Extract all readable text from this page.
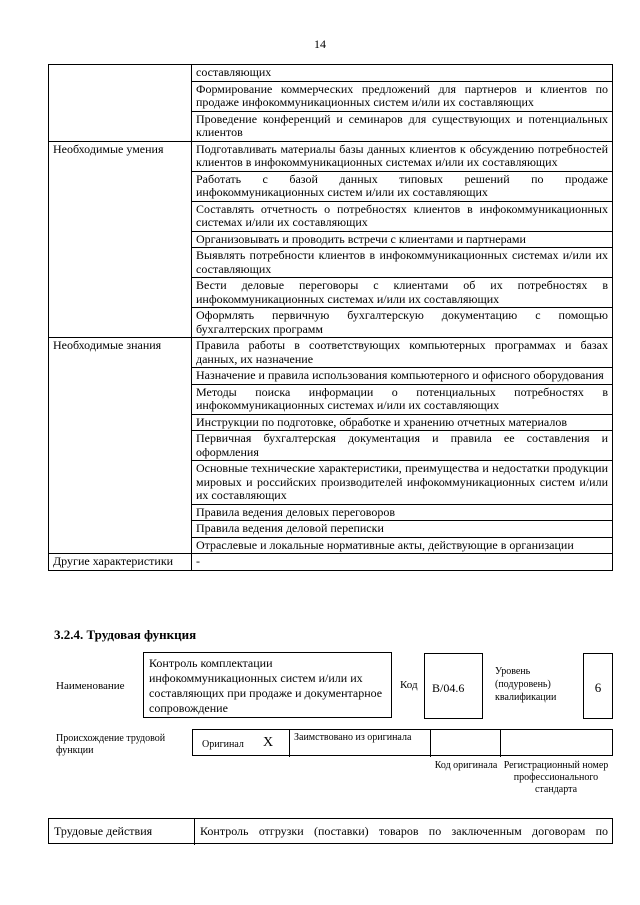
14
	составляющих
	Формирование коммерческих предложений для партнеров и клиентов по продаже инфокоммуникационных систем и/или их составляющих
	Проведение конференций и семинаров для существующих и потенциальных клиентов
Необходимые умения	Подготавливать материалы базы данных клиентов к обсуждению потребностей клиентов в инфокоммуникационных системах и/или их составляющих
	Работать с базой данных типовых решений по продаже инфокоммуникационных систем и/или их составляющих
	Составлять отчетность о потребностях клиентов в инфокоммуникационных системах и/или их составляющих
	Организовывать и проводить встречи с клиентами и партнерами
	Выявлять потребности клиентов в инфокоммуникационных системах и/или их составляющих
	Вести деловые переговоры с клиентами об их потребностях в инфокоммуникационных системах и/или их составляющих
	Оформлять первичную бухгалтерскую документацию с помощью бухгалтерских программ
Необходимые знания	Правила работы в соответствующих компьютерных программах и базах данных, их назначение
	Назначение и правила использования компьютерного и офисного оборудования
	Методы поиска информации о потенциальных потребностях в инфокоммуникационных системах и/или их составляющих
	Инструкции по подготовке, обработке и хранению отчетных материалов
	Первичная бухгалтерская документация и правила ее составления и оформления
	Основные технические характеристики, преимущества и недостатки продукции мировых и российских производителей инфокоммуникационных систем и/или их составляющих
	Правила ведения деловых переговоров
	Правила ведения деловой переписки
	Отраслевые и локальные нормативные акты, действующие в организации
Другие характеристики	-
3.2.4. Трудовая функция
Наименование
Контроль комплектации инфокоммуникационных систем и/или их составляющих при продаже и документарное сопровождение
Код B/04.6
Уровень (подуровень) квалификации
6
Происхождение трудовой функции
Оригинал X Заимствовано из оригинала
Код оригинала Регистрационный номер профессионального стандарта
Трудовые действия	Контроль отгрузки (поставки) товаров по заключенным договорам по
